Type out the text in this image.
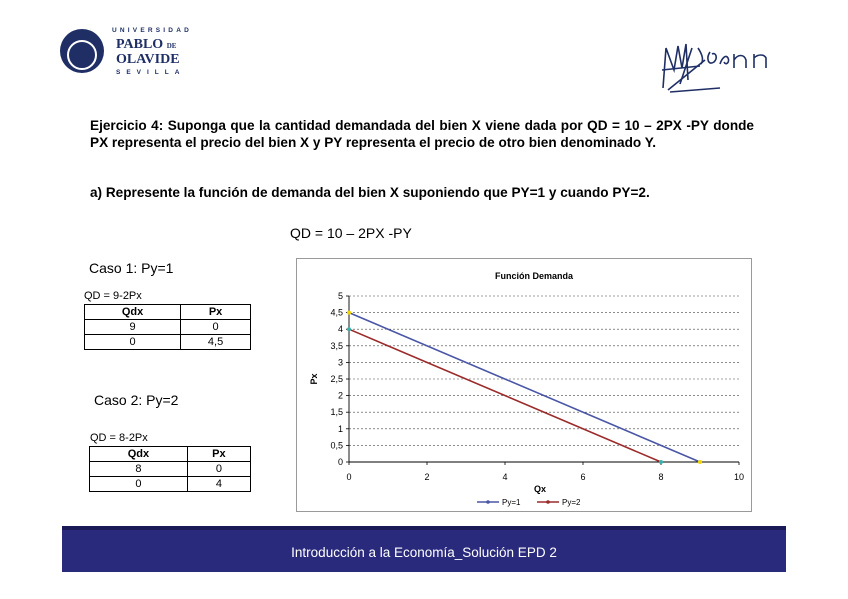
UNIVERSIDAD
PABLO DE
OLAVIDE
SEVILLA
Ejercicio 4: Suponga que la cantidad demandada del bien X viene dada por QD = 10 – 2PX -PY donde PX representa el precio del bien X y PY representa el precio de otro bien denominado Y.
a) Represente la función de demanda del bien X suponiendo que PY=1 y cuando PY=2.
QD = 10 – 2PX -PY
Caso 1: Py=1
QD = 9-2Px
Qdx	Px
9	0
0	4,5
Caso 2: Py=2
QD = 8-2Px
Qdx	Px
8	0
0	4
Función Demanda
0
0,5
1
1,5
2
2,5
3
3,5
4
4,5
5
0	2	4	6	8	10
Qx
Px
Py=1	Py=2
Introducción a la Economía_Solución EPD 2
